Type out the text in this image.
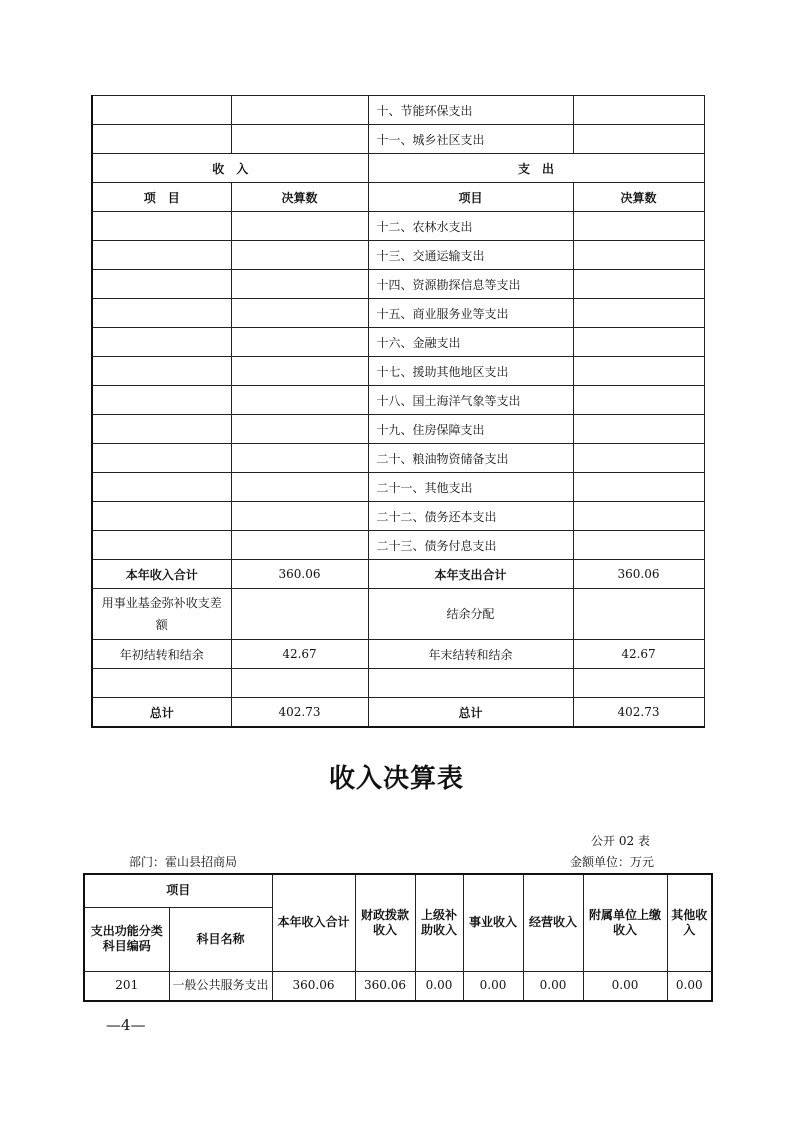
		十、节能环保支出	
		十一、城乡社区支出	
收　入		支　出	
项　目	决算数	项目	决算数
		十二、农林水支出	
		十三、交通运输支出	
		十四、资源勘探信息等支出	
		十五、商业服务业等支出	
		十六、金融支出	
		十七、援助其他地区支出	
		十八、国土海洋气象等支出	
		十九、住房保障支出	
		二十、粮油物资储备支出	
		二十一、其他支出	
		二十二、债务还本支出	
		二十三、债务付息支出	
本年收入合计	360.06	本年支出合计	360.06
用事业基金弥补收支差额		结余分配	
年初结转和结余	42.67	年末结转和结余	42.67

总计	402.73	总计	402.73
收入决算表
公开 02 表
部门：霍山县招商局	金额单位：万元
项目		本年收入合计	财政拨款收入	上级补助收入	事业收入	经营收入	附属单位上缴收入	其他收入
支出功能分类科目编码	科目名称							
201	一般公共服务支出	360.06	360.06	0.00	0.00	0.00	0.00	0.00
—4—
